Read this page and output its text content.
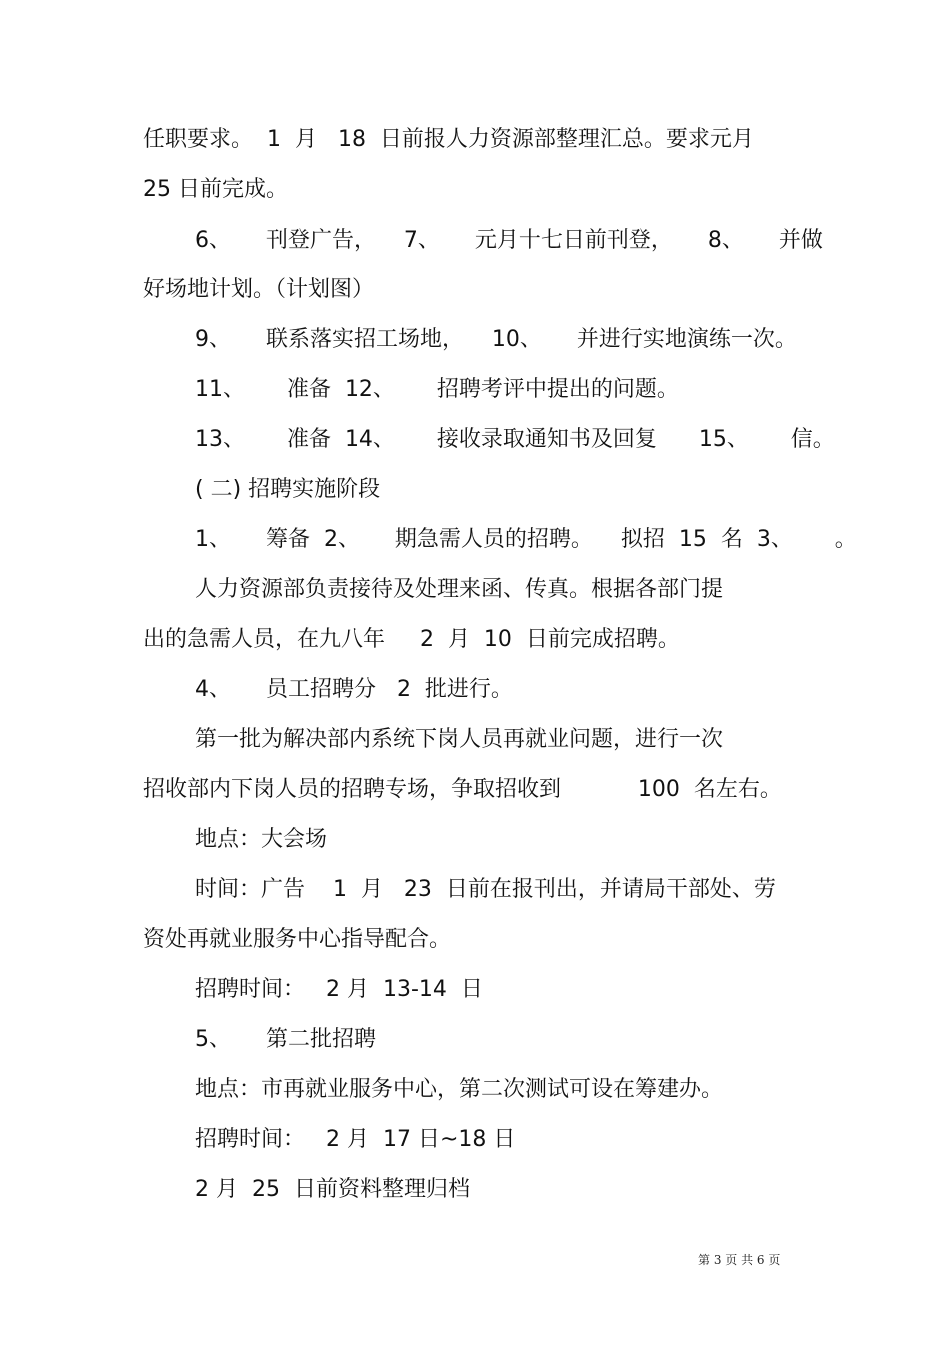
任职要求。  1  月   18  日前报人力资源部整理汇总。要求元月
25 日前完成。
6、     刊登广告，    7、     元月十七日前刊登，     8、     并做
好场地计划。（计划图）
9、     联系落实招工场地，    10、     并进行实地演练一次。
11、      准备  12、      招聘考评中提出的问题。
13、      准备  14、      接收录取通知书及回复      15、      信。
( 二) 招聘实施阶段
1、     筹备  2、     期急需人员的招聘。    拟招  15  名  3、      。
人力资源部负责接待及处理来函、传真。根据各部门提
出的急需人员，在九八年     2  月  10  日前完成招聘。
4、     员工招聘分   2  批进行。
第一批为解决部内系统下岗人员再就业问题，进行一次
招收部内下岗人员的招聘专场，争取招收到           100  名左右。
地点：大会场
时间：广告    1  月   23  日前在报刊出，并请局干部处、劳
资处再就业服务中心指导配合。
招聘时间：   2 月  13-14  日
5、     第二批招聘
地点：市再就业服务中心，第二次测试可设在筹建办。
招聘时间：   2 月  17 日~18 日
2 月  25  日前资料整理归档
第 3 页 共 6 页
